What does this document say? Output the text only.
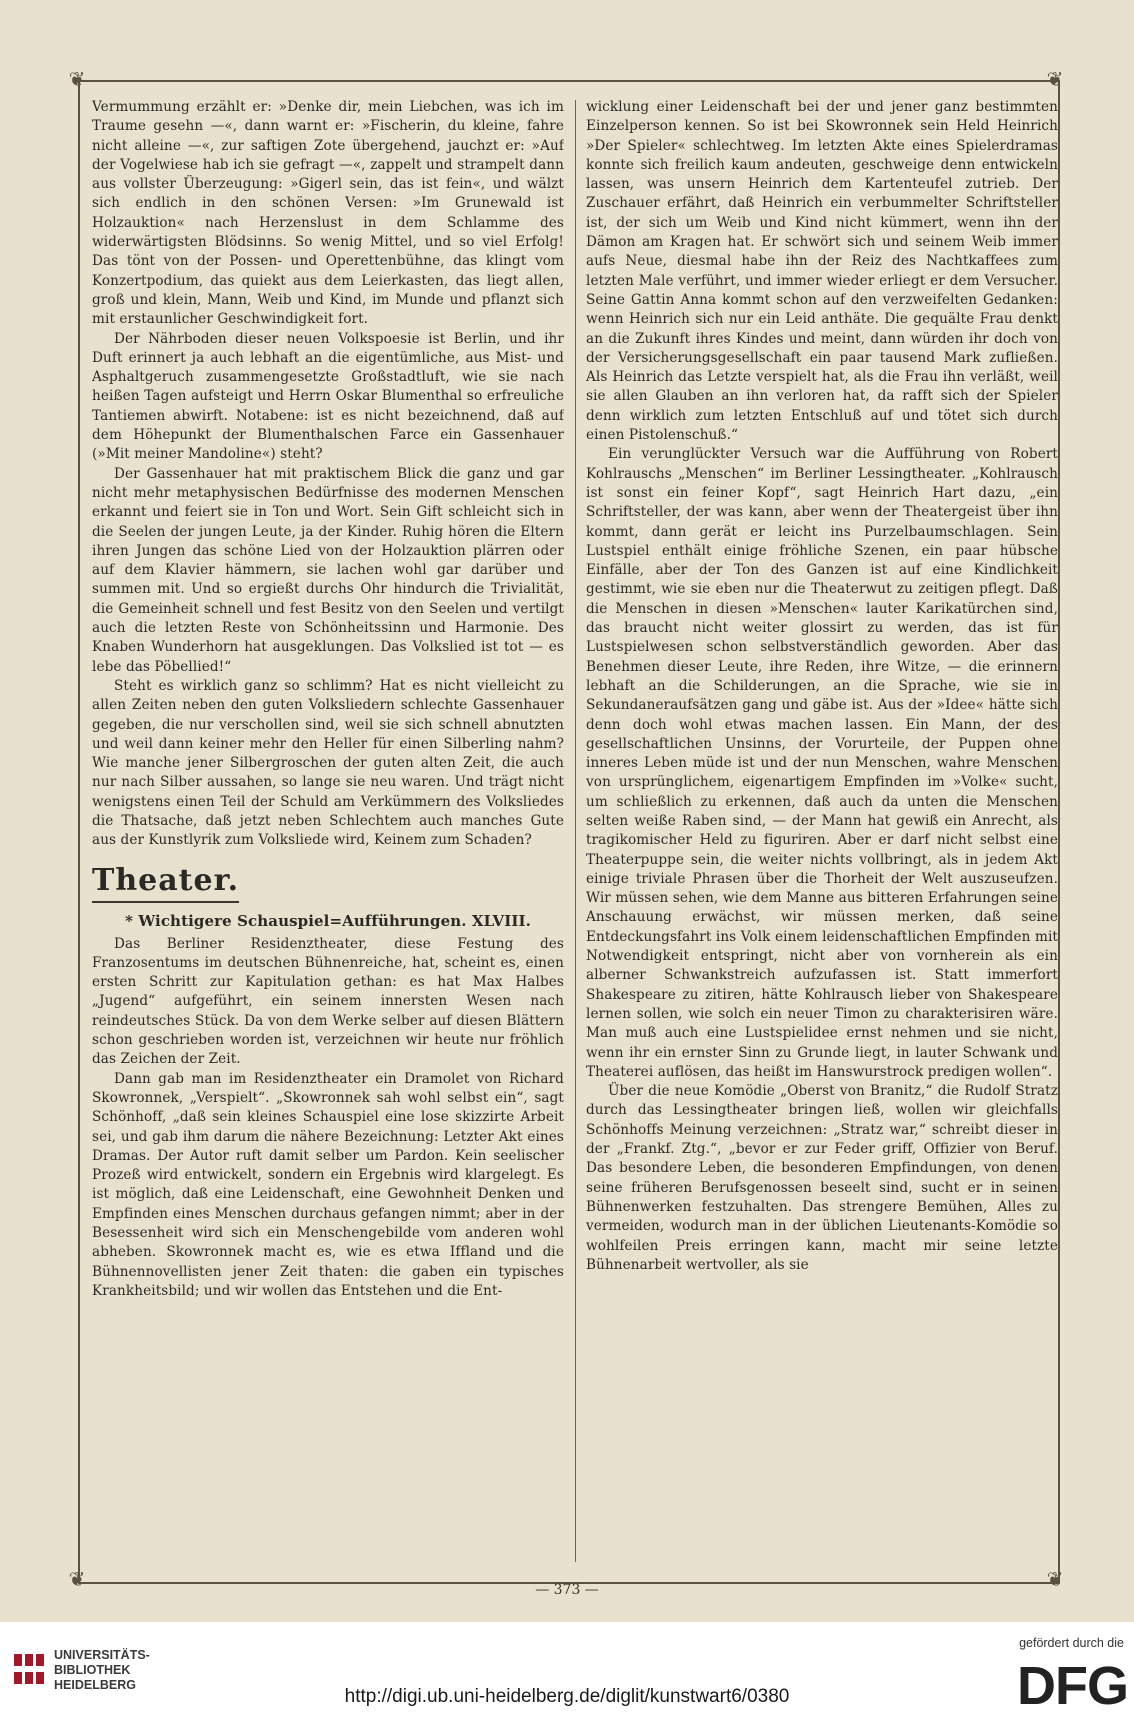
❦	❦
❦	❦

Vermummung erzählt er: »Denke dir, mein Liebchen, was ich im Traume gesehn —«, dann warnt er: »Fischerin, du kleine, fahre nicht alleine —«, zur saftigen Zote übergehend, jauchzt er: »Auf der Vogelwiese hab ich sie gefragt —«, zappelt und strampelt dann aus vollster Überzeugung: »Gigerl sein, das ist fein«, und wälzt sich endlich in den schönen Versen: »Im Grunewald ist Holzauktion« nach Herzenslust in dem Schlamme des widerwärtigsten Blödsinns. So wenig Mittel, und so viel Erfolg! Das tönt von der Possen- und Operettenbühne, das klingt vom Konzertpodium, das quiekt aus dem Leierkasten, das liegt allen, groß und klein, Mann, Weib und Kind, im Munde und pflanzt sich mit erstaunlicher Geschwindigkeit fort.

Der Nährboden dieser neuen Volkspoesie ist Berlin, und ihr Duft erinnert ja auch lebhaft an die eigentümliche, aus Mist- und Asphaltgeruch zusammengesetzte Großstadtluft, wie sie nach heißen Tagen aufsteigt und Herrn Oskar Blumenthal so erfreuliche Tantiemen abwirft. Notabene: ist es nicht bezeichnend, daß auf dem Höhepunkt der Blumenthalschen Farce ein Gassenhauer (»Mit meiner Mandoline«) steht?

Der Gassenhauer hat mit praktischem Blick die ganz und gar nicht mehr metaphysischen Bedürfnisse des modernen Menschen erkannt und feiert sie in Ton und Wort. Sein Gift schleicht sich in die Seelen der jungen Leute, ja der Kinder. Ruhig hören die Eltern ihren Jungen das schöne Lied von der Holzauktion plärren oder auf dem Klavier hämmern, sie lachen wohl gar darüber und summen mit. Und so ergießt durchs Ohr hindurch die Trivialität, die Gemeinheit schnell und fest Besitz von den Seelen und vertilgt auch die letzten Reste von Schönheitssinn und Harmonie. Des Knaben Wunderhorn hat ausgeklungen. Das Volkslied ist tot — es lebe das Pöbellied!“

Steht es wirklich ganz so schlimm? Hat es nicht vielleicht zu allen Zeiten neben den guten Volksliedern schlechte Gassenhauer gegeben, die nur verschollen sind, weil sie sich schnell abnutzten und weil dann keiner mehr den Heller für einen Silberling nahm? Wie manche jener Silbergroschen der guten alten Zeit, die auch nur nach Silber aussahen, so lange sie neu waren. Und trägt nicht wenigstens einen Teil der Schuld am Verkümmern des Volksliedes die Thatsache, daß jetzt neben Schlechtem auch manches Gute aus der Kunstlyrik zum Volksliede wird, Keinem zum Schaden?

Theater.
* Wichtigere Schauspiel=Aufführungen. XLVIII.

Das Berliner Residenztheater, diese Festung des Franzosentums im deutschen Bühnenreiche, hat, scheint es, einen ersten Schritt zur Kapitulation gethan: es hat Max Halbes „Jugend“ aufgeführt, ein seinem innersten Wesen nach reindeutsches Stück. Da von dem Werke selber auf diesen Blättern schon geschrieben worden ist, verzeichnen wir heute nur fröhlich das Zeichen der Zeit.

Dann gab man im Residenztheater ein Dramolet von Richard Skowronnek, „Verspielt“. „Skowronnek sah wohl selbst ein“, sagt Schönhoff, „daß sein kleines Schauspiel eine lose skizzirte Arbeit sei, und gab ihm darum die nähere Bezeichnung: Letzter Akt eines Dramas. Der Autor ruft damit selber um Pardon. Kein seelischer Prozeß wird entwickelt, sondern ein Ergebnis wird klargelegt. Es ist möglich, daß eine Leidenschaft, eine Gewohnheit Denken und Empfinden eines Menschen durchaus gefangen nimmt; aber in der Besessenheit wird sich ein Menschengebilde vom anderen wohl abheben. Skowronnek macht es, wie es etwa Iffland und die Bühnennovellisten jener Zeit thaten: die gaben ein typisches Krankheitsbild; und wir wollen das Entstehen und die Ent-

wicklung einer Leidenschaft bei der und jener ganz bestimmten Einzelperson kennen. So ist bei Skowronnek sein Held Heinrich »Der Spieler« schlechtweg. Im letzten Akte eines Spielerdramas konnte sich freilich kaum andeuten, geschweige denn entwickeln lassen, was unsern Heinrich dem Kartenteufel zutrieb. Der Zuschauer erfährt, daß Heinrich ein verbummelter Schriftsteller ist, der sich um Weib und Kind nicht kümmert, wenn ihn der Dämon am Kragen hat. Er schwört sich und seinem Weib immer aufs Neue, diesmal habe ihn der Reiz des Nachtkaffees zum letzten Male verführt, und immer wieder erliegt er dem Versucher. Seine Gattin Anna kommt schon auf den verzweifelten Gedanken: wenn Heinrich sich nur ein Leid anthäte. Die gequälte Frau denkt an die Zukunft ihres Kindes und meint, dann würden ihr doch von der Versicherungsgesellschaft ein paar tausend Mark zufließen. Als Heinrich das Letzte verspielt hat, als die Frau ihn verläßt, weil sie allen Glauben an ihn verloren hat, da rafft sich der Spieler denn wirklich zum letzten Entschluß auf und tötet sich durch einen Pistolenschuß.“

Ein verunglückter Versuch war die Aufführung von Robert Kohlrauschs „Menschen“ im Berliner Lessingtheater. „Kohlrausch ist sonst ein feiner Kopf“, sagt Heinrich Hart dazu, „ein Schriftsteller, der was kann, aber wenn der Theatergeist über ihn kommt, dann gerät er leicht ins Purzelbaumschlagen. Sein Lustspiel enthält einige fröhliche Szenen, ein paar hübsche Einfälle, aber der Ton des Ganzen ist auf eine Kindlichkeit gestimmt, wie sie eben nur die Theaterwut zu zeitigen pflegt. Daß die Menschen in diesen »Menschen« lauter Karikatürchen sind, das braucht nicht weiter glossirt zu werden, das ist für Lustspielwesen schon selbstverständlich geworden. Aber das Benehmen dieser Leute, ihre Reden, ihre Witze, — die erinnern lebhaft an die Schilderungen, an die Sprache, wie sie in Sekundaneraufsätzen gang und gäbe ist. Aus der »Idee« hätte sich denn doch wohl etwas machen lassen. Ein Mann, der des gesellschaftlichen Unsinns, der Vorurteile, der Puppen ohne inneres Leben müde ist und der nun Menschen, wahre Menschen von ursprünglichem, eigenartigem Empfinden im »Volke« sucht, um schließlich zu erkennen, daß auch da unten die Menschen selten weiße Raben sind, — der Mann hat gewiß ein Anrecht, als tragikomischer Held zu figuriren. Aber er darf nicht selbst eine Theaterpuppe sein, die weiter nichts vollbringt, als in jedem Akt einige triviale Phrasen über die Thorheit der Welt auszuseufzen. Wir müssen sehen, wie dem Manne aus bitteren Erfahrungen seine Anschauung erwächst, wir müssen merken, daß seine Entdeckungsfahrt ins Volk einem leidenschaftlichen Empfinden mit Notwendigkeit entspringt, nicht aber von vornherein als ein alberner Schwankstreich aufzufassen ist. Statt immerfort Shakespeare zu zitiren, hätte Kohlrausch lieber von Shakespeare lernen sollen, wie solch ein neuer Timon zu charakterisiren wäre. Man muß auch eine Lustspielidee ernst nehmen und sie nicht, wenn ihr ein ernster Sinn zu Grunde liegt, in lauter Schwank und Theaterei auflösen, das heißt im Hanswurstrock predigen wollen“.

Über die neue Komödie „Oberst von Branitz,“ die Rudolf Stratz durch das Lessingtheater bringen ließ, wollen wir gleichfalls Schönhoffs Meinung verzeichnen: „Stratz war,“ schreibt dieser in der „Frankf. Ztg.“, „bevor er zur Feder griff, Offizier von Beruf. Das besondere Leben, die besonderen Empfindungen, von denen seine früheren Berufsgenossen beseelt sind, sucht er in seinen Bühnenwerken festzuhalten. Das strengere Bemühen, Alles zu vermeiden, wodurch man in der üblichen Lieutenants-Komödie so wohlfeilen Preis erringen kann, macht mir seine letzte Bühnenarbeit wertvoller, als sie

— 373 —
UNIVERSITÄTS-
BIBLIOTHEK
HEIDELBERG
http://digi.ub.uni-heidelberg.de/diglit/kunstwart6/0380
gefördert durch die
DFG
